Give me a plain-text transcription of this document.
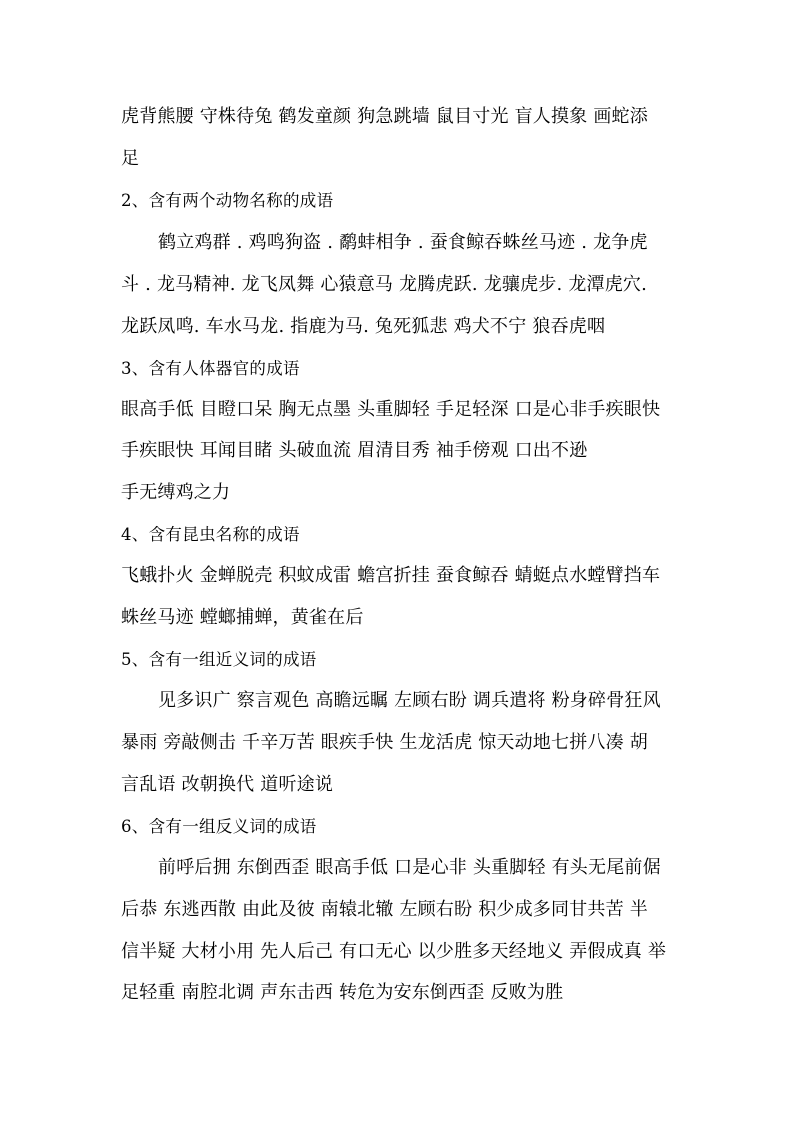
虎背熊腰 守株待兔 鹤发童颜 狗急跳墙 鼠目寸光 盲人摸象 画蛇添
足
2、含有两个动物名称的成语
鹤立鸡群 . 鸡鸣狗盗 . 鹬蚌相争 . 蚕食鲸吞蛛丝马迹 . 龙争虎
斗 . 龙马精神. 龙飞凤舞 心猿意马 龙腾虎跃. 龙骧虎步. 龙潭虎穴.
龙跃凤鸣. 车水马龙. 指鹿为马. 兔死狐悲 鸡犬不宁 狼吞虎咽
3、含有人体器官的成语
眼高手低 目瞪口呆 胸无点墨 头重脚轻 手足轻深 口是心非手疾眼快
手疾眼快 耳闻目睹 头破血流 眉清目秀 袖手傍观 口出不逊
手无缚鸡之力
4、含有昆虫名称的成语
飞蛾扑火 金蝉脱壳 积蚊成雷 蟾宫折挂 蚕食鲸吞 蜻蜓点水螳臂挡车
蛛丝马迹 螳螂捕蝉，黄雀在后
5、含有一组近义词的成语
见多识广 察言观色 高瞻远瞩 左顾右盼 调兵遣将 粉身碎骨狂风
暴雨 旁敲侧击 千辛万苦 眼疾手快 生龙活虎 惊天动地七拼八凑 胡
言乱语 改朝换代 道听途说
6、含有一组反义词的成语
前呼后拥 东倒西歪 眼高手低 口是心非 头重脚轻 有头无尾前倨
后恭 东逃西散 由此及彼 南辕北辙 左顾右盼 积少成多同甘共苦 半
信半疑 大材小用 先人后己 有口无心 以少胜多天经地义 弄假成真 举
足轻重 南腔北调 声东击西 转危为安东倒西歪 反败为胜
